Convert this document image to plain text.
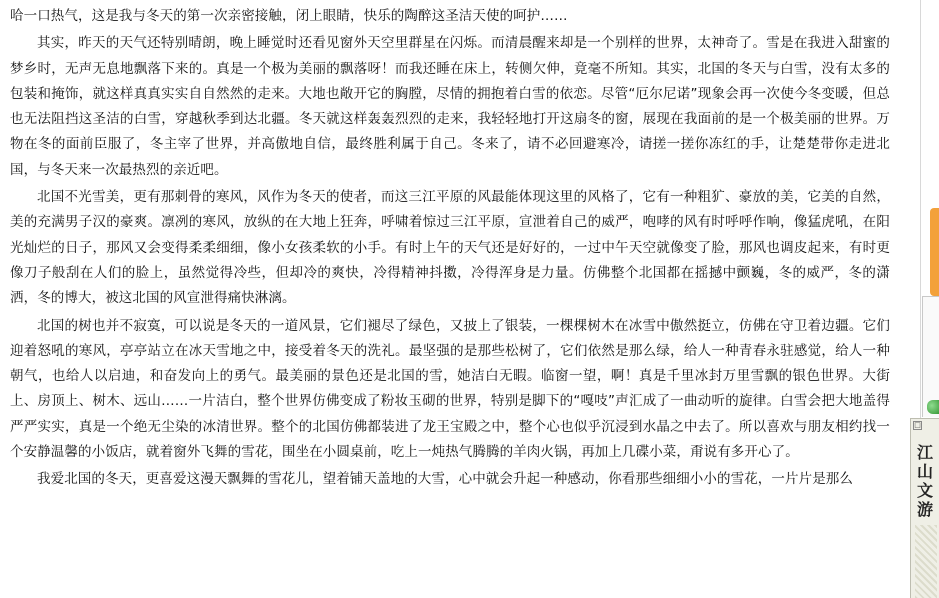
哈一口热气，这是我与冬天的第一次亲密接触，闭上眼睛，快乐的陶醉这圣洁天使的呵护……

其实，昨天的天气还特别晴朗，晚上睡觉时还看见窗外天空里群星在闪烁。而清晨醒来却是一个别样的世界，太神奇了。雪是在我进入甜蜜的梦乡时，无声无息地飘落下来的。真是一个极为美丽的飘落呀！而我还睡在床上，转侧欠伸，竟毫不所知。其实，北国的冬天与白雪，没有太多的包装和掩饰，就这样真真实实自自然然的走来。大地也敞开它的胸膛，尽情的拥抱着白雪的依恋。尽管“厄尔尼诺”现象会再一次使今冬变暖，但总也无法阻挡这圣洁的白雪，穿越秋季到达北疆。冬天就这样轰轰烈烈的走来，我轻轻地打开这扇冬的窗，展现在我面前的是一个极美丽的世界。万物在冬的面前臣服了，冬主宰了世界，并高傲地自信，最终胜利属于自己。冬来了，请不必回避寒冷，请搓一搓你冻红的手，让楚楚带你走进北国，与冬天来一次最热烈的亲近吧。

北国不光雪美，更有那刺骨的寒风，风作为冬天的使者，而这三江平原的风最能体现这里的风格了，它有一种粗犷、豪放的美，它美的自然，美的充满男子汉的豪爽。凛冽的寒风，放纵的在大地上狂奔，呼啸着惊过三江平原，宣泄着自己的威严，咆哮的风有时呼呼作响，像猛虎吼，在阳光灿烂的日子，那风又会变得柔柔细细，像小女孩柔软的小手。有时上午的天气还是好好的，一过中午天空就像变了脸，那风也调皮起来，有时更像刀子般刮在人们的脸上，虽然觉得冷些，但却冷的爽快，冷得精神抖擞，冷得浑身是力量。仿佛整个北国都在摇撼中颤巍，冬的威严，冬的潇洒，冬的博大，被这北国的风宣泄得痛快淋漓。

北国的树也并不寂寞，可以说是冬天的一道风景，它们褪尽了绿色，又披上了银装，一棵棵树木在冰雪中傲然挺立，仿佛在守卫着边疆。它们迎着怒吼的寒风，亭亭站立在冰天雪地之中，接受着冬天的洗礼。最坚强的是那些松树了，它们依然是那么绿，给人一种青春永驻感觉，给人一种朝气，也给人以启迪，和奋发向上的勇气。最美丽的景色还是北国的雪，她洁白无暇。临窗一望，啊！真是千里冰封万里雪飘的银色世界。大街上、房顶上、树木、远山……一片洁白，整个世界仿佛变成了粉妆玉砌的世界，特别是脚下的“嘎吱”声汇成了一曲动听的旋律。白雪会把大地盖得严严实实，真是一个绝无尘染的冰清世界。整个的北国仿佛都装进了龙王宝殿之中，整个心也似乎沉浸到水晶之中去了。所以喜欢与朋友相约找一个安静温馨的小饭店，就着窗外飞舞的雪花，围坐在小圆桌前，吃上一炖热气腾腾的羊肉火锅，再加上几碟小菜，甭说有多开心了。

我爱北国的冬天，更喜爱这漫天飘舞的雪花儿，望着铺天盖地的大雪，心中就会升起一种感动，你看那些细细小小的雪花，一片片是那么

□
江山文游
